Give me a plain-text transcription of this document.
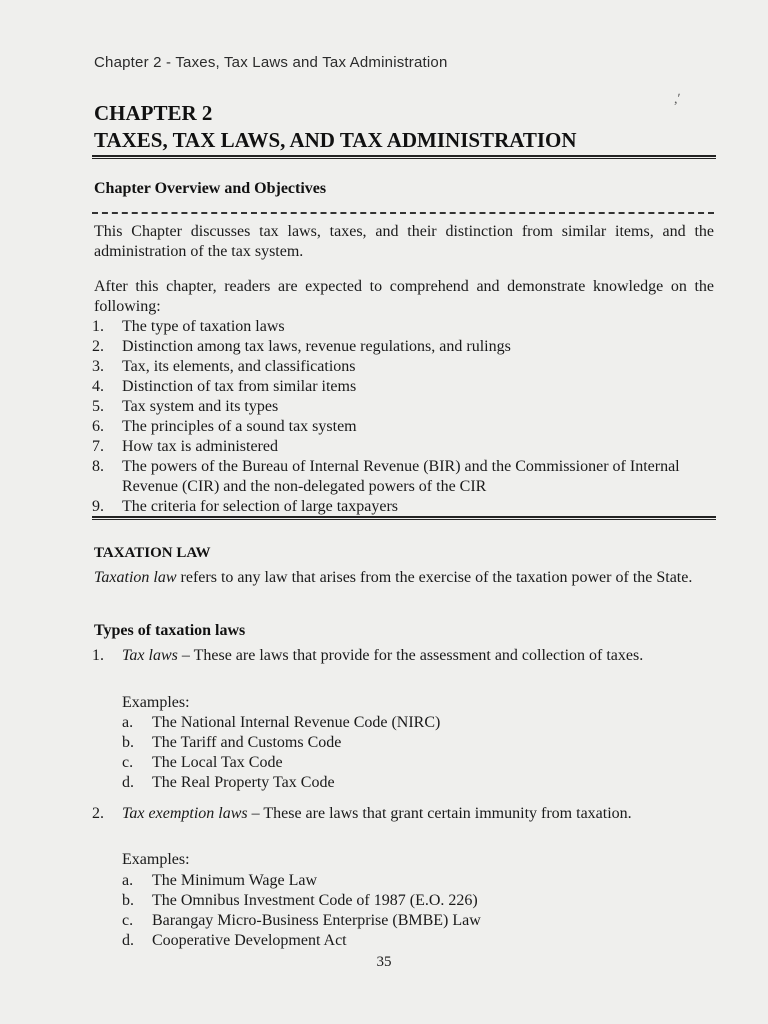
Chapter 2 - Taxes, Tax Laws and Tax Administration
,ʹ
CHAPTER 2
TAXES, TAX LAWS, AND TAX ADMINISTRATION
Chapter Overview and Objectives
This Chapter discusses tax laws, taxes, and their distinction from similar items, and the administration of the tax system.
After this chapter, readers are expected to comprehend and demonstrate knowledge on the following:
1.	The type of taxation laws
2.	Distinction among tax laws, revenue regulations, and rulings
3.	Tax, its elements, and classifications
4.	Distinction of tax from similar items
5.	Tax system and its types
6.	The principles of a sound tax system
7.	How tax is administered
8.	The powers of the Bureau of Internal Revenue (BIR) and the Commissioner of Internal Revenue (CIR) and the non-delegated powers of the CIR
9.	The criteria for selection of large taxpayers
TAXATION LAW
Taxation law refers to any law that arises from the exercise of the taxation power of the State.
Types of taxation laws
1.	Tax laws – These are laws that provide for the assessment and collection of taxes.
Examples:
a.	The National Internal Revenue Code (NIRC)
b.	The Tariff and Customs Code
c.	The Local Tax Code
d.	The Real Property Tax Code
2.	Tax exemption laws – These are laws that grant certain immunity from taxation.
Examples:
a.	The Minimum Wage Law
b.	The Omnibus Investment Code of 1987 (E.O. 226)
c.	Barangay Micro-Business Enterprise (BMBE) Law
d.	Cooperative Development Act
35
